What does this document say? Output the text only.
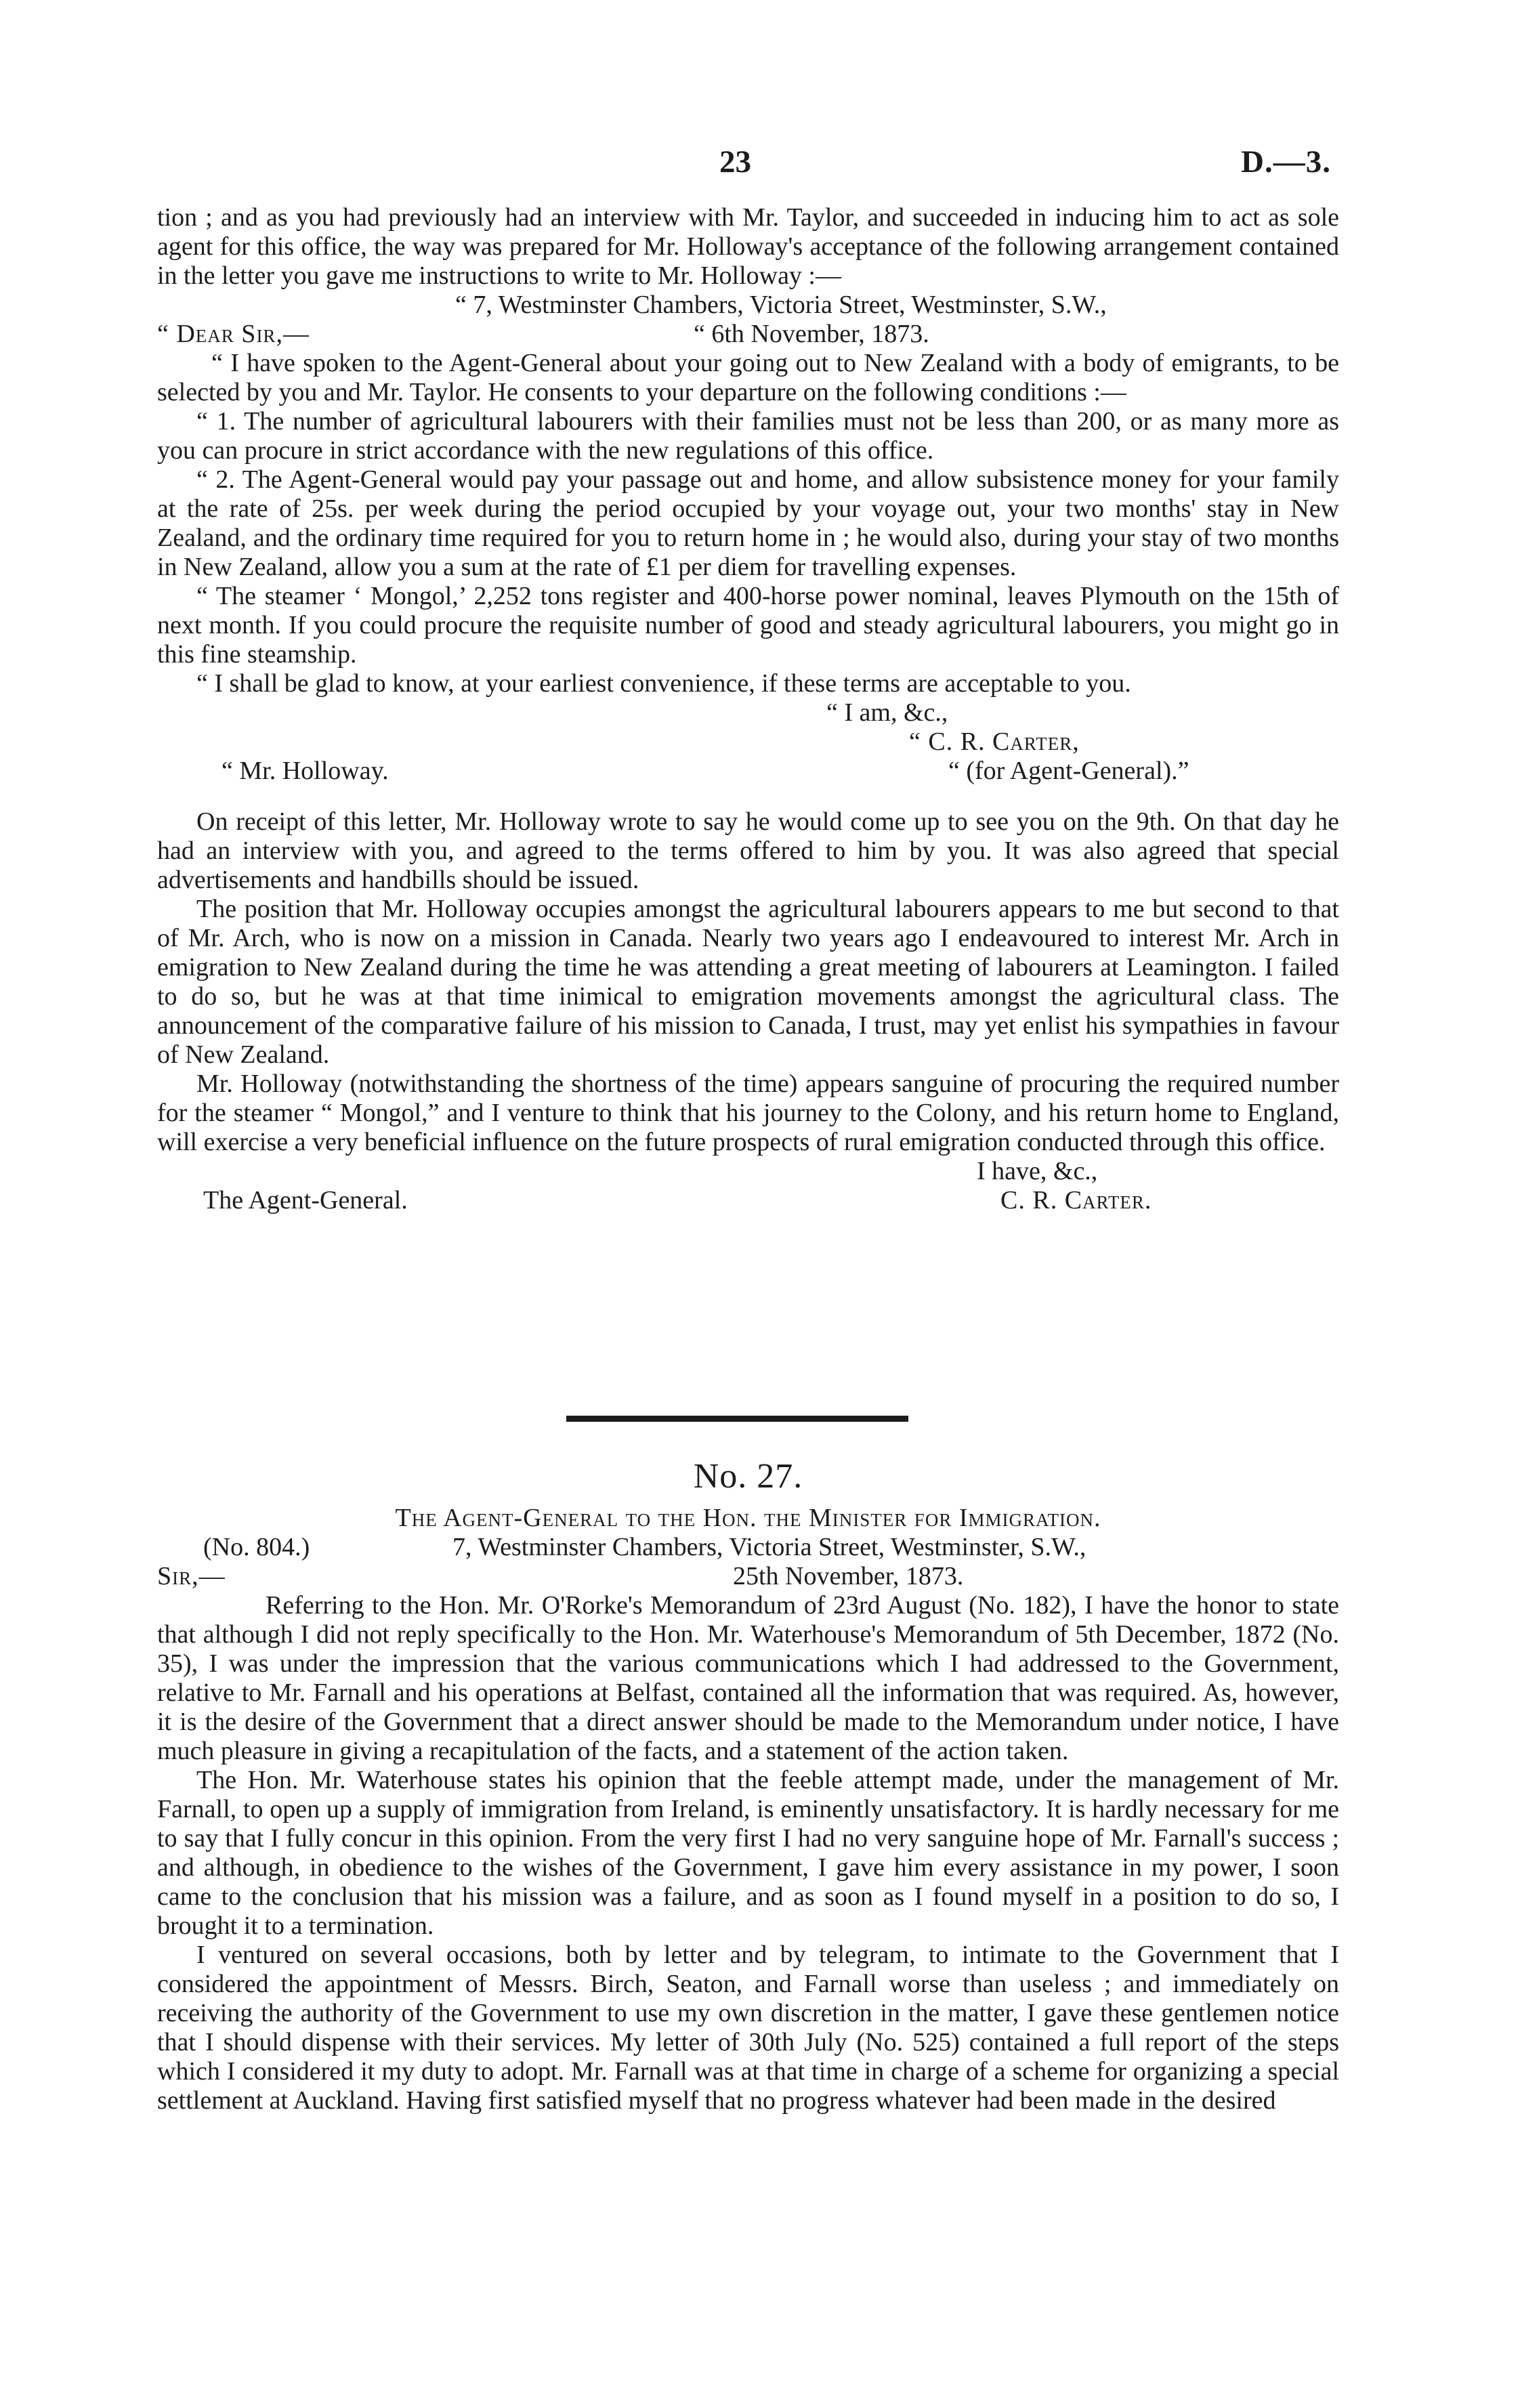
23	D.—3.

tion ; and as you had previously had an interview with Mr. Taylor, and succeeded in inducing him to act as sole agent for this office, the way was prepared for Mr. Holloway's acceptance of the following arrangement contained in the letter you gave me instructions to write to Mr. Holloway :—

“ 7, Westminster Chambers, Victoria Street, Westminster, S.W.,
“ Dear Sir,—	“ 6th November, 1873.

“ I have spoken to the Agent-General about your going out to New Zealand with a body of emigrants, to be selected by you and Mr. Taylor. He consents to your departure on the following conditions :—

“ 1. The number of agricultural labourers with their families must not be less than 200, or as many more as you can procure in strict accordance with the new regulations of this office.

“ 2. The Agent-General would pay your passage out and home, and allow subsistence money for your family at the rate of 25s. per week during the period occupied by your voyage out, your two months' stay in New Zealand, and the ordinary time required for you to return home in ; he would also, during your stay of two months in New Zealand, allow you a sum at the rate of £1 per diem for travelling expenses.

“ The steamer ‘ Mongol,’ 2,252 tons register and 400-horse power nominal, leaves Plymouth on the 15th of next month. If you could procure the requisite number of good and steady agricultural labourers, you might go in this fine steamship.

“ I shall be glad to know, at your earliest convenience, if these terms are acceptable to you.

“ I am, &c.,
“ C. R. Carter,
“ Mr. Holloway.	“ (for Agent-General).”

On receipt of this letter, Mr. Holloway wrote to say he would come up to see you on the 9th. On that day he had an interview with you, and agreed to the terms offered to him by you. It was also agreed that special advertisements and handbills should be issued.

The position that Mr. Holloway occupies amongst the agricultural labourers appears to me but second to that of Mr. Arch, who is now on a mission in Canada. Nearly two years ago I endeavoured to interest Mr. Arch in emigration to New Zealand during the time he was attending a great meeting of labourers at Leamington. I failed to do so, but he was at that time inimical to emigration movements amongst the agricultural class. The announcement of the comparative failure of his mission to Canada, I trust, may yet enlist his sympathies in favour of New Zealand.

Mr. Holloway (notwithstanding the shortness of the time) appears sanguine of procuring the required number for the steamer “ Mongol,” and I venture to think that his journey to the Colony, and his return home to England, will exercise a very beneficial influence on the future prospects of rural emigration conducted through this office.

I have, &c.,
The Agent-General.	C. R. Carter.
No. 27.
The Agent-General to the Hon. the Minister for Immigration.
(No. 804.)	7, Westminster Chambers, Victoria Street, Westminster, S.W.,
Sir,—	25th November, 1873.

Referring to the Hon. Mr. O'Rorke's Memorandum of 23rd August (No. 182), I have the honor to state that although I did not reply specifically to the Hon. Mr. Waterhouse's Memorandum of 5th December, 1872 (No. 35), I was under the impression that the various communications which I had addressed to the Government, relative to Mr. Farnall and his operations at Belfast, contained all the information that was required. As, however, it is the desire of the Government that a direct answer should be made to the Memorandum under notice, I have much pleasure in giving a recapitulation of the facts, and a statement of the action taken.

The Hon. Mr. Waterhouse states his opinion that the feeble attempt made, under the management of Mr. Farnall, to open up a supply of immigration from Ireland, is eminently unsatisfactory. It is hardly necessary for me to say that I fully concur in this opinion. From the very first I had no very sanguine hope of Mr. Farnall's success ; and although, in obedience to the wishes of the Government, I gave him every assistance in my power, I soon came to the conclusion that his mission was a failure, and as soon as I found myself in a position to do so, I brought it to a termination.

I ventured on several occasions, both by letter and by telegram, to intimate to the Government that I considered the appointment of Messrs. Birch, Seaton, and Farnall worse than useless ; and immediately on receiving the authority of the Government to use my own discretion in the matter, I gave these gentlemen notice that I should dispense with their services. My letter of 30th July (No. 525) contained a full report of the steps which I considered it my duty to adopt. Mr. Farnall was at that time in charge of a scheme for organizing a special settlement at Auckland. Having first satisfied myself that no progress whatever had been made in the desired
